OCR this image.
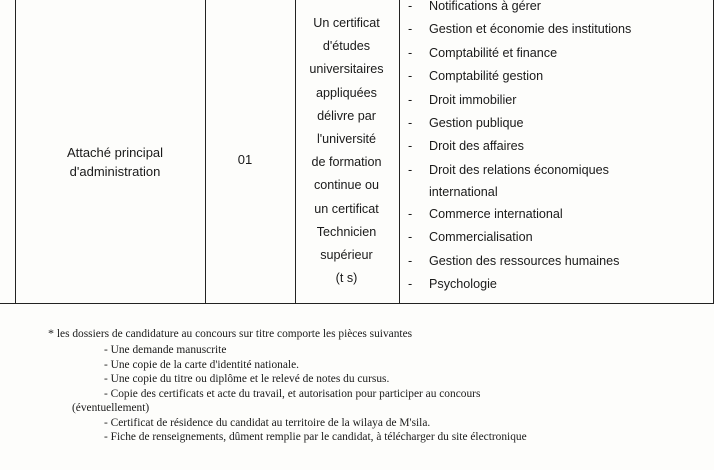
Attaché principal
d'administration
01
Un certificat
d'études
universitaires
appliquées
délivre par
l'université
de formation
continue ou
un certificat
Technicien
supérieur
(t s)
- Notifications à gérer
- Gestion et économie des institutions
- Comptabilité et finance
- Comptabilité gestion
- Droit immobilier
- Gestion publique
- Droit des affaires
- Droit des relations économiques international
- Commerce international
- Commercialisation
- Gestion des ressources humaines
- Psychologie
* les dossiers de candidature au concours sur titre comporte les pièces suivantes
- Une demande manuscrite
- Une copie de la carte d'identité nationale.
- Une copie du titre ou diplôme et le relevé de notes du cursus.
- Copie des certificats et acte du travail, et autorisation pour participer au concours
(éventuellement)
- Certificat de résidence du candidat au territoire de la wilaya de M'sila.
- Fiche de renseignements, dûment remplie par le candidat, à télécharger du site électronique
